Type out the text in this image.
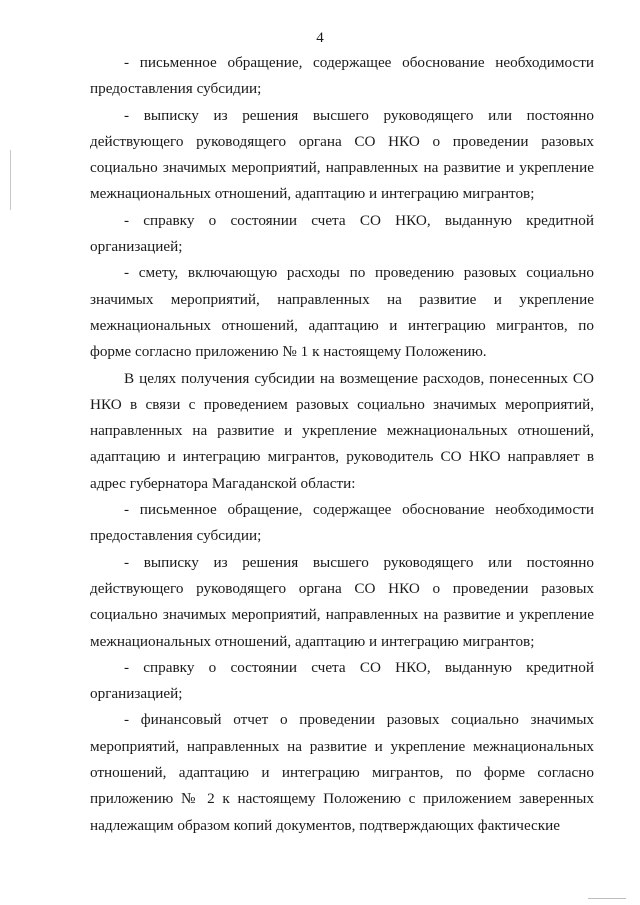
4

- письменное обращение, содержащее обоснование необходимости предоставления субсидии;

- выписку из решения высшего руководящего или постоянно действующего руководящего органа СО НКО о проведении разовых социально значимых мероприятий, направленных на развитие и укрепление межнациональных отношений, адаптацию и интеграцию мигрантов;

- справку о состоянии счета СО НКО, выданную кредитной организацией;

- смету, включающую расходы по проведению разовых социально значимых мероприятий, направленных на развитие и укрепление межнациональных отношений, адаптацию и интеграцию мигрантов, по форме согласно приложению № 1 к настоящему Положению.

В целях получения субсидии на возмещение расходов, понесенных СО НКО в связи с проведением разовых социально значимых мероприятий, направленных на развитие и укрепление межнациональных отношений, адаптацию и интеграцию мигрантов, руководитель СО НКО направляет в адрес губернатора Магаданской области:

- письменное обращение, содержащее обоснование необходимости предоставления субсидии;

- выписку из решения высшего руководящего или постоянно действующего руководящего органа СО НКО о проведении разовых социально значимых мероприятий, направленных на развитие и укрепление межнациональных отношений, адаптацию и интеграцию мигрантов;

- справку о состоянии счета СО НКО, выданную кредитной организацией;

- финансовый отчет о проведении разовых социально значимых мероприятий, направленных на развитие и укрепление межнациональных отношений, адаптацию и интеграцию мигрантов, по форме согласно приложению № 2 к настоящему Положению с приложением заверенных надлежащим образом копий документов, подтверждающих фактические
